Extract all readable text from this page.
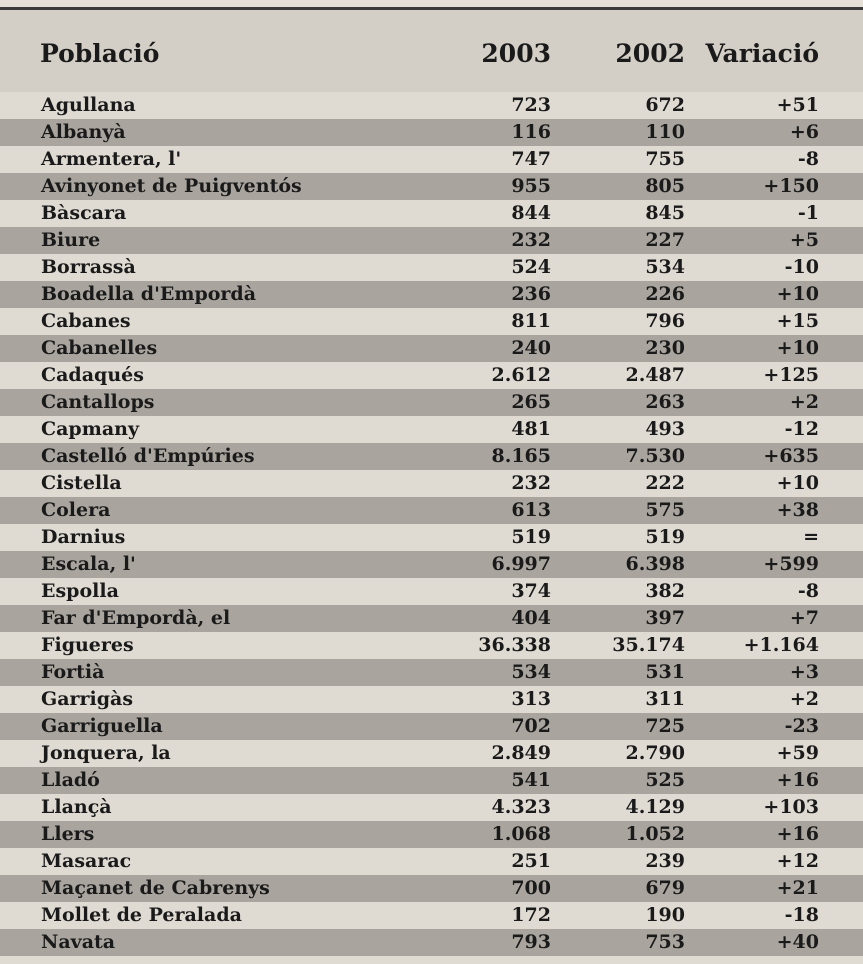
Població	2003	2002 Variació
Agullana	723	672	+51
Albanyà	116	110	+6
Armentera, l'	747	755	-8
Avinyonet de Puigventós	955	805	+150
Bàscara	844	845	-1
Biure	232	227	+5
Borrassà	524	534	-10
Boadella d'Empordà	236	226	+10
Cabanes	811	796	+15
Cabanelles	240	230	+10
Cadaqués	2.612	2.487	+125
Cantallops	265	263	+2
Capmany	481	493	-12
Castelló d'Empúries	8.165	7.530	+635
Cistella	232	222	+10
Colera	613	575	+38
Darnius	519	519	=
Escala, l'	6.997	6.398	+599
Espolla	374	382	-8
Far d'Empordà, el	404	397	+7
Figueres	36.338	35.174	+1.164
Fortià	534	531	+3
Garrigàs	313	311	+2
Garriguella	702	725	-23
Jonquera, la	2.849	2.790	+59
Lladó	541	525	+16
Llançà	4.323	4.129	+103
Llers	1.068	1.052	+16
Masarac	251	239	+12
Maçanet de Cabrenys	700	679	+21
Mollet de Peralada	172	190	-18
Navata	793	753	+40
